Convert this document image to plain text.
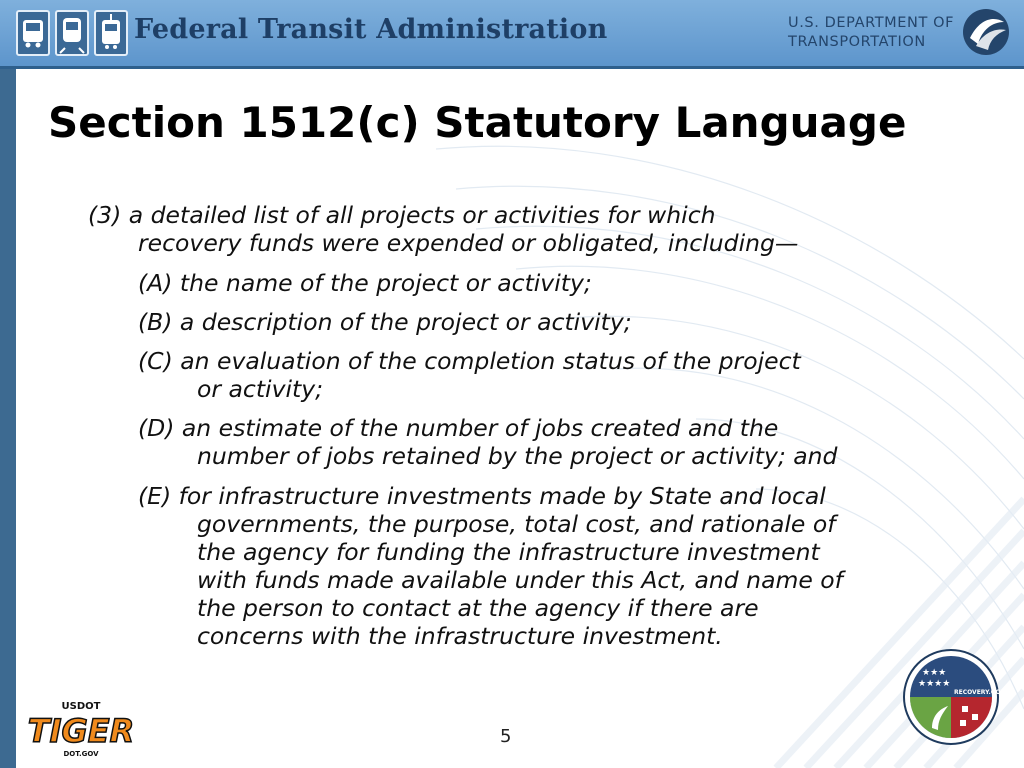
Federal Transit Administration	U.S. DEPARTMENT OF
TRANSPORTATION
Section 1512(c) Statutory Language
(3) a detailed list of all projects or activities for which
recovery funds were expended or obligated, including—
(A) the name of the project or activity;
(B) a description of the project or activity;
(C) an evaluation of the completion status of the project
or activity;
(D) an estimate of the number of jobs created and the
number of jobs retained by the project or activity; and
(E) for infrastructure investments made by State and local
governments, the purpose, total cost, and rationale of
the agency for funding the infrastructure investment
with funds made available under this Act, and name of
the person to contact at the agency if there are
concerns with the infrastructure investment.
USDOT
TIGER
DOT.GOV
5
★★★
★★★★
RECOVERY.GOV
